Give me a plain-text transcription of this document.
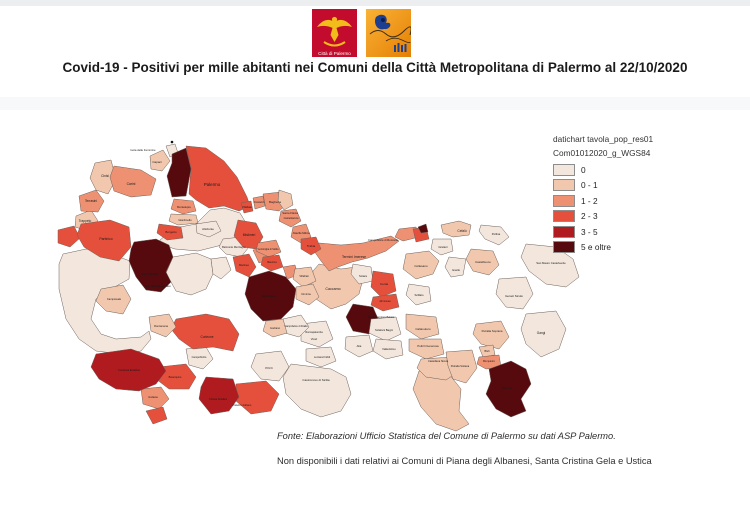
Città di Palermo
Covid-19 - Positivi per mille abitanti nei Comuni della Città Metropolitana di Palermo al 22/10/2020
Castronovo di Sicilia
San Mauro Castelverde
Gangi
Geraci Siculo
Caccamo
Termini Imerese
Palermo
Trappeto
Terrasini
Cinisi
Carini
Capaci
Isola delle Femmine
Montelepre
Giardinello
Borgetto
Partinico
San Cipirello
San Giuseppe Jato
Altofonte
Belmonte Mezzagno
Misilmeri
Villabate
Ficarazzi Bagheria
Santa Flavia
Casteldaccia
Altavilla Milicia
Trabia
Campofelice di Roccella
Cefalù
Gratteri
Pollina
Castelbuono
Isnello
Collesano
Scillato
Sciara
Cerda
Aliminusa
Montemaggiore Belsito
Sclafani Bagni	Caltavuturo
Polizzi Generosa
Castellana Sicula
Petralia Sottana
Petralia Soprana
Blufi
Bompietro
Alimena
Alia
Valledolmo
Roccapalumba
Vicari
Lercara Friddi
Prizzi
Palazzo Adriano
Chiusa Sclafani
Giuliana
Bisacquino
Contessa Entellina
Campofiorito
Corleone
Roccamena
Camporeale
Marineo
Ventimiglia di Sicilia
Baucina
Mezzojuso
Villafrati
Ciminna
Campofelice di Fitalia
Godrano
datichart tavola_pop_res01
Com01012020_g_WGS84
0
0 - 1
1 - 2
2 - 3
3 - 5
5 e oltre
Fonte: Elaborazioni Ufficio Statistica del Comune di Palermo su dati ASP Palermo.
Non disponibili i dati relativi ai Comuni di Piana degli Albanesi, Santa Cristina Gela e Ustica
